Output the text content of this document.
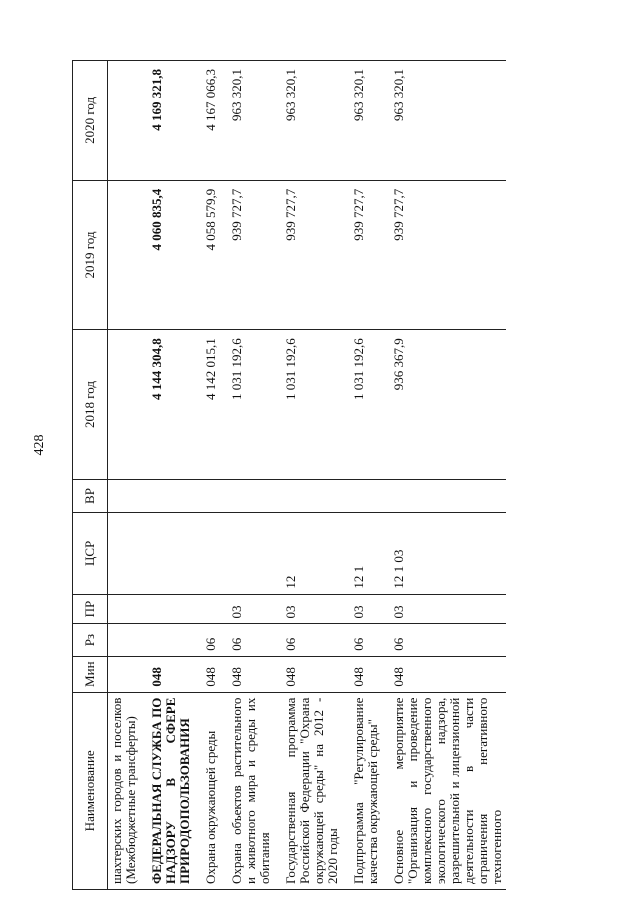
428
Наименование	Мин	Рз	ПР	ЦСР	ВР	2018 год	2019 год	2020 год
шахтерских городов и поселков (Межбюджетные трансферты)								
ФЕДЕРАЛЬНАЯ СЛУЖБА ПО НАДЗОРУ В СФЕРЕ ПРИРОДОПОЛЬЗОВАНИЯ	048					4 144 304,8	4 060 835,4	4 169 321,8
Охрана окружающей среды	048	06				4 142 015,1	4 058 579,9	4 167 066,3
Охрана объектов растительного и животного мира и среды их обитания	048	06	03			1 031 192,6	939 727,7	963 320,1
Государственная программа Российской Федерации "Охрана окружающей среды" на 2012 - 2020 годы	048	06	03	12		1 031 192,6	939 727,7	963 320,1
Подпрограмма "Регулирование качества окружающей среды"	048	06	03	12 1		1 031 192,6	939 727,7	963 320,1
Основное мероприятие "Организация и проведение комплексного государственного экологического надзора, разрешительной и лицензионной деятельности в части ограничения негативного техногенного	048	06	03	12 1 03		936 367,9	939 727,7	963 320,1
